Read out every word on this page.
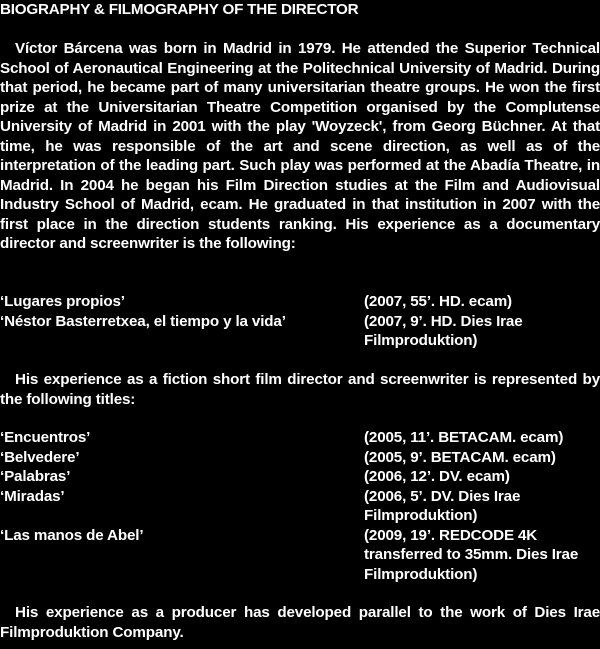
BIOGRAPHY & FILMOGRAPHY OF THE DIRECTOR

Víctor Bárcena was born in Madrid in 1979. He attended the Superior Technical School of Aeronautical Engineering at the Politechnical University of Madrid. During that period, he became part of many universitarian theatre groups. He won the first prize at the Universitarian Theatre Competition organised by the Complutense University of Madrid in 2001 with the play 'Woyzeck', from Georg Büchner. At that time, he was responsible of the art and scene direction, as well as of the interpretation of the leading part. Such play was performed at the Abadía Theatre, in Madrid. In 2004 he began his Film Direction studies at the Film and Audiovisual Industry School of Madrid, ecam. He graduated in that institution in 2007 with the first place in the direction students ranking. His experience as a documentary director and screenwriter is the following:

‘Lugares propios’	(2007, 55’. HD. ecam)
‘Néstor Basterretxea, el tiempo y la vida’	(2007, 9’. HD. Dies Irae Filmproduktion)

His experience as a fiction short film director and screenwriter is represented by the following titles:

‘Encuentros’	(2005, 11’. BETACAM. ecam)
‘Belvedere’	(2005, 9’. BETACAM. ecam)
‘Palabras’	(2006, 12’. DV. ecam)
‘Miradas’	(2006, 5’. DV. Dies Irae Filmproduktion)
‘Las manos de Abel’	(2009, 19’. REDCODE 4K transferred to 35mm. Dies Irae Filmproduktion)

His experience as a producer has developed parallel to the work of Dies Irae Filmproduktion Company.
